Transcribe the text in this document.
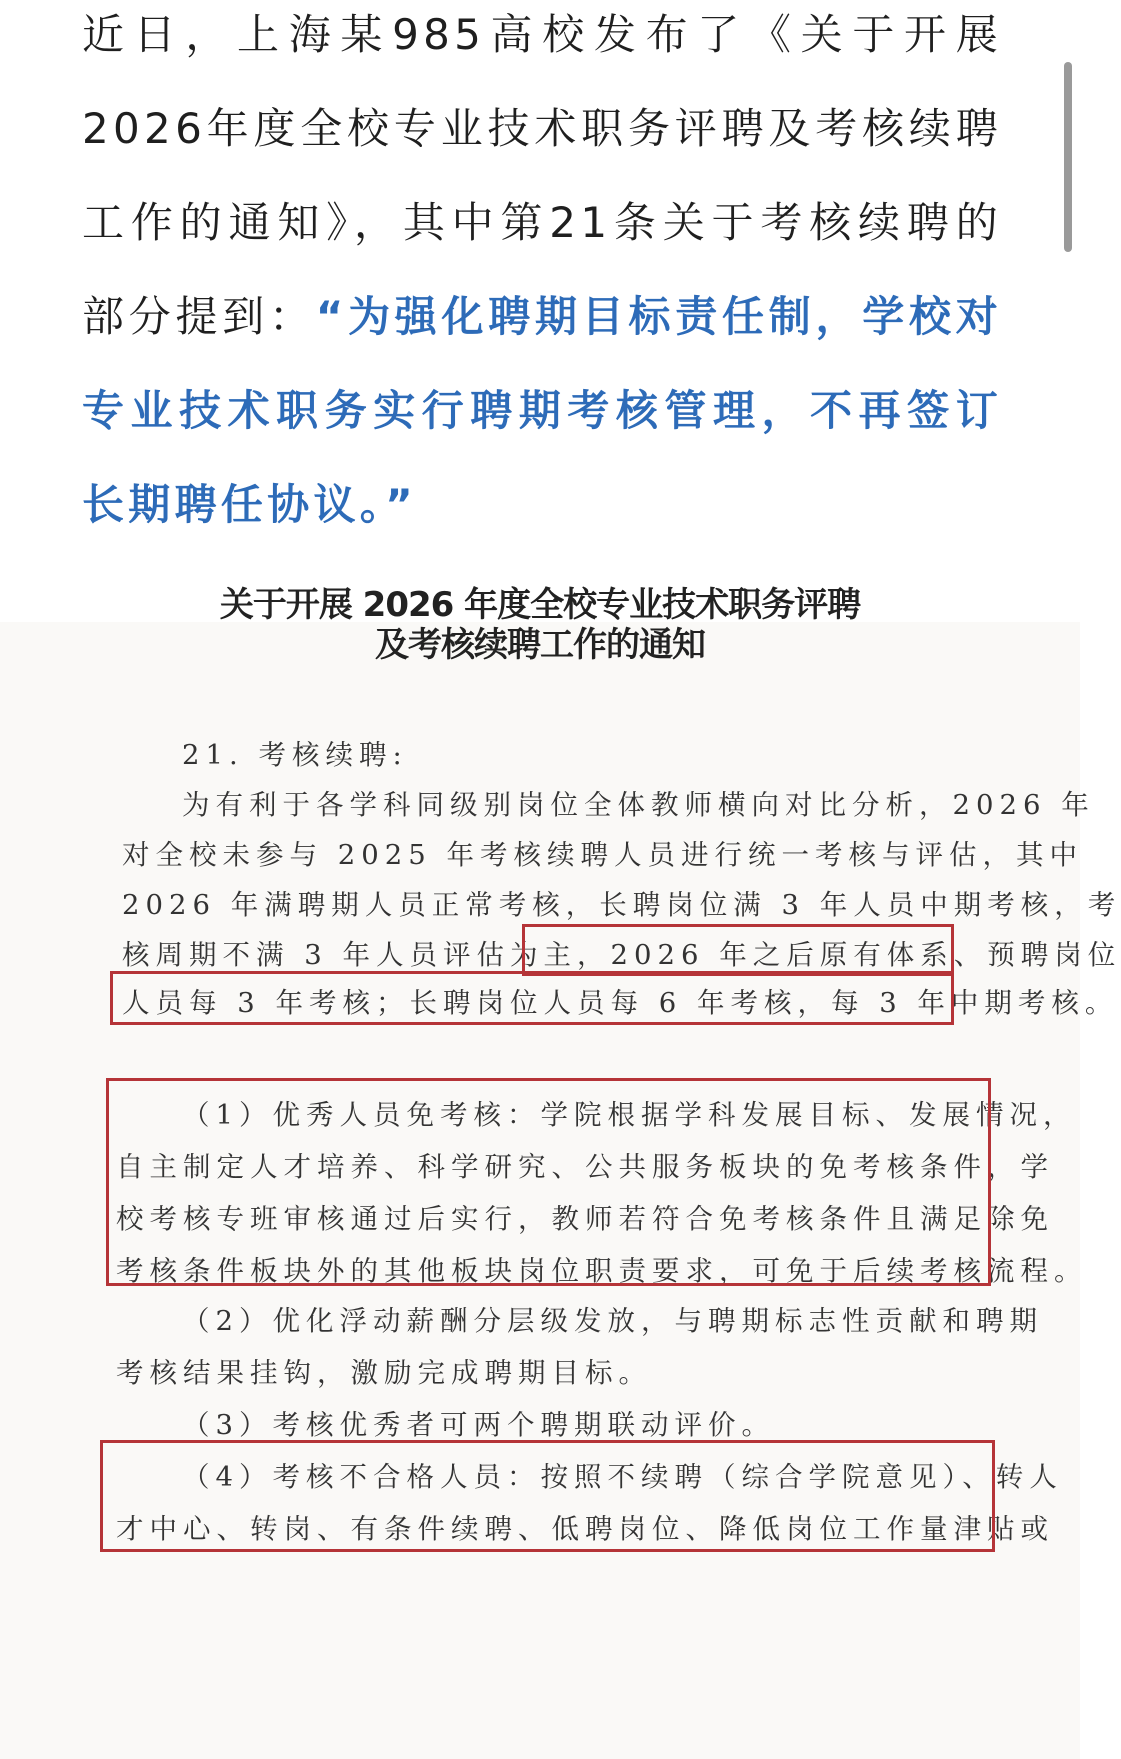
近日，上海某985高校发布了《关于开展2026年度全校专业技术职务评聘及考核续聘工作的通知》，其中第21条关于考核续聘的部分提到：“为强化聘期目标责任制，学校对专业技术职务实行聘期考核管理，不再签订长期聘任协议。”
关于开展 2026 年度全校专业技术职务评聘
及考核续聘工作的通知
21. 考核续聘:
为有利于各学科同级别岗位全体教师横向对比分析，2026 年
对全校未参与 2025 年考核续聘人员进行统一考核与评估，其中
2026 年满聘期人员正常考核，长聘岗位满 3 年人员中期考核，考
核周期不满 3 年人员评估为主，2026 年之后原有体系、预聘岗位
人员每 3 年考核；长聘岗位人员每 6 年考核，每 3 年中期考核。
（1）优秀人员免考核：学院根据学科发展目标、发展情况，
自主制定人才培养、科学研究、公共服务板块的免考核条件，学
校考核专班审核通过后实行，教师若符合免考核条件且满足除免
考核条件板块外的其他板块岗位职责要求，可免于后续考核流程。
（2）优化浮动薪酬分层级发放，与聘期标志性贡献和聘期
考核结果挂钩，激励完成聘期目标。
（3）考核优秀者可两个聘期联动评价。
（4）考核不合格人员：按照不续聘（综合学院意见）、转人
才中心、转岗、有条件续聘、低聘岗位、降低岗位工作量津贴或
